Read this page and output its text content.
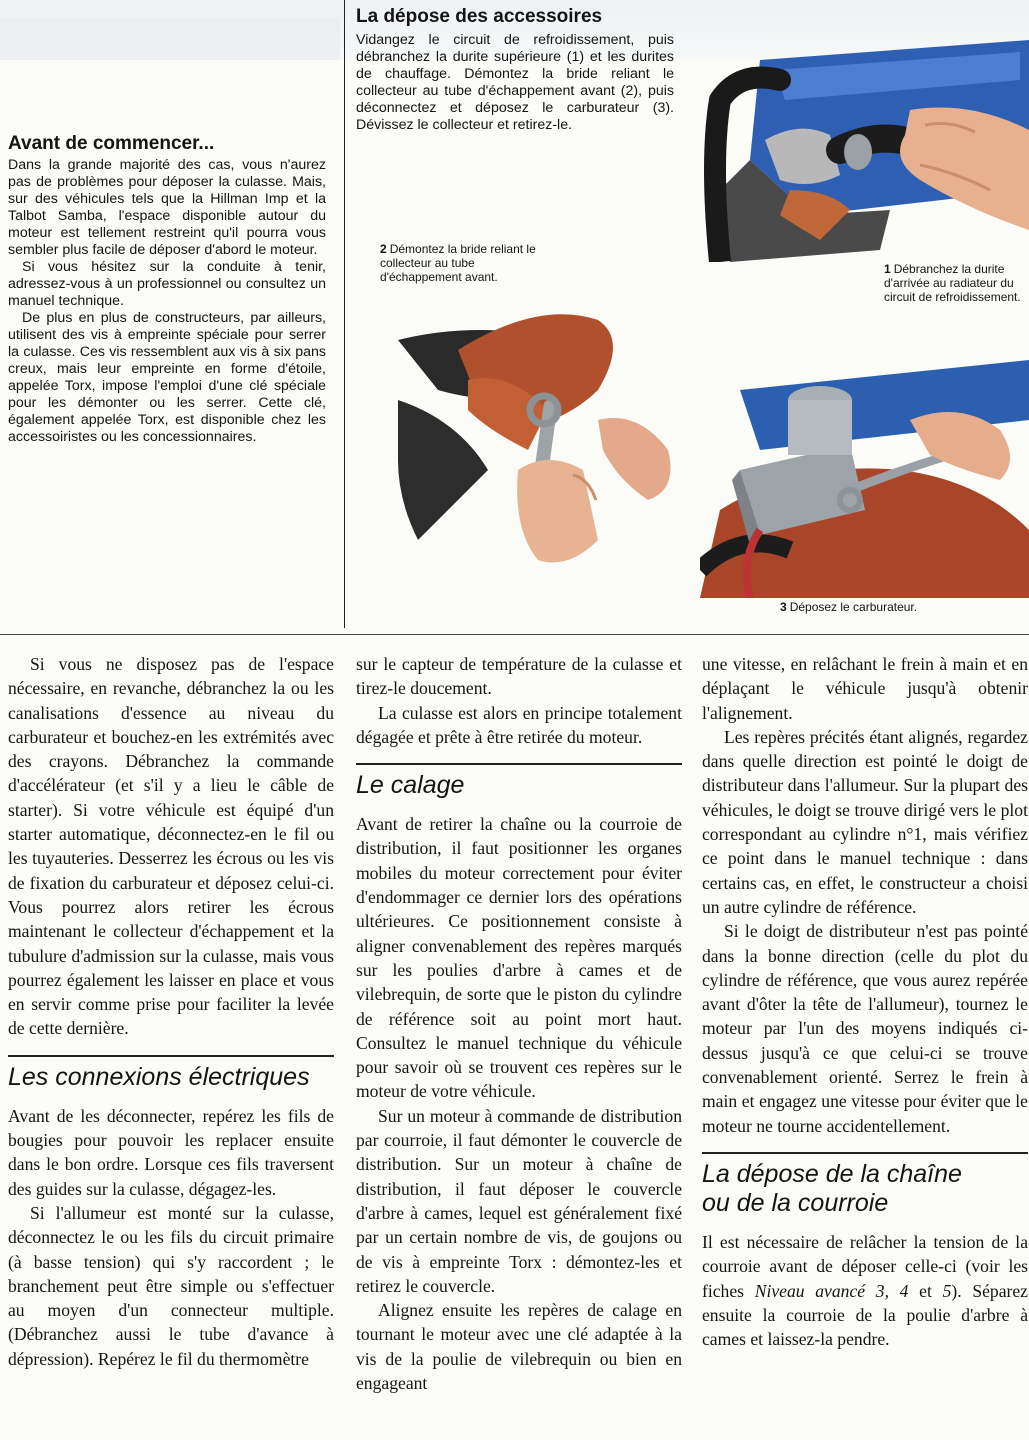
Avant de commencer...

Dans la grande majorité des cas, vous n'aurez pas de problèmes pour déposer la culasse. Mais, sur des véhicules tels que la Hillman Imp et la Talbot Samba, l'espace disponible autour du moteur est tellement restreint qu'il pourra vous sembler plus facile de déposer d'abord le moteur.

Si vous hésitez sur la conduite à tenir, adressez-vous à un professionnel ou consultez un manuel technique.

De plus en plus de constructeurs, par ailleurs, utilisent des vis à empreinte spéciale pour serrer la culasse. Ces vis ressemblent aux vis à six pans creux, mais leur empreinte en forme d'étoile, appelée Torx, impose l'emploi d'une clé spéciale pour les démonter ou les serrer. Cette clé, également appelée Torx, est disponible chez les accessoiristes ou les concessionnaires.

La dépose des accessoires
Vidangez le circuit de refroidissement, puis débranchez la durite supérieure (1) et les durites de chauffage. Démontez la bride reliant le collecteur au tube d'échappement avant (2), puis déconnectez et déposez le carburateur (3). Dévissez le collecteur et retirez-le.
1 Débranchez la durite d'arrivée au radiateur du circuit de refroidissement.
2 Démontez la bride reliant le collecteur au tube d'échappement avant.
3 Déposez le carburateur.

Si vous ne disposez pas de l'espace nécessaire, en revanche, débranchez la ou les canalisations d'essence au niveau du carburateur et bouchez-en les extrémités avec des crayons. Débranchez la commande d'accélérateur (et s'il y a lieu le câble de starter). Si votre véhicule est équipé d'un starter automatique, déconnectez-en le fil ou les tuyauteries. Desserrez les écrous ou les vis de fixation du carburateur et déposez celui-ci. Vous pourrez alors retirer les écrous maintenant le collecteur d'échappement et la tubulure d'admission sur la culasse, mais vous pourrez également les laisser en place et vous en servir comme prise pour faciliter la levée de cette dernière.

Les connexions électriques

Avant de les déconnecter, repérez les fils de bougies pour pouvoir les replacer ensuite dans le bon ordre. Lorsque ces fils traversent des guides sur la culasse, dégagez-les.

Si l'allumeur est monté sur la culasse, déconnectez le ou les fils du circuit primaire (à basse tension) qui s'y raccordent ; le branchement peut être simple ou s'effectuer au moyen d'un connecteur multiple. (Débranchez aussi le tube d'avance à dépression). Repérez le fil du thermomètre

sur le capteur de température de la culasse et tirez-le doucement.

La culasse est alors en principe totalement dégagée et prête à être retirée du moteur.

Le calage

Avant de retirer la chaîne ou la courroie de distribution, il faut positionner les organes mobiles du moteur correctement pour éviter d'endommager ce dernier lors des opérations ultérieures. Ce positionnement consiste à aligner convenablement des repères marqués sur les poulies d'arbre à cames et de vilebrequin, de sorte que le piston du cylindre de référence soit au point mort haut. Consultez le manuel technique du véhicule pour savoir où se trouvent ces repères sur le moteur de votre véhicule.

Sur un moteur à commande de distribution par courroie, il faut démonter le couvercle de distribution. Sur un moteur à chaîne de distribution, il faut déposer le couvercle d'arbre à cames, lequel est généralement fixé par un certain nombre de vis, de goujons ou de vis à empreinte Torx : démontez-les et retirez le couvercle.

Alignez ensuite les repères de calage en tournant le moteur avec une clé adaptée à la vis de la poulie de vilebrequin ou bien en engageant

une vitesse, en relâchant le frein à main et en déplaçant le véhicule jusqu'à obtenir l'alignement.

Les repères précités étant alignés, regardez dans quelle direction est pointé le doigt de distributeur dans l'allumeur. Sur la plupart des véhicules, le doigt se trouve dirigé vers le plot correspondant au cylindre n°1, mais vérifiez ce point dans le manuel technique : dans certains cas, en effet, le constructeur a choisi un autre cylindre de référence.

Si le doigt de distributeur n'est pas pointé dans la bonne direction (celle du plot du cylindre de référence, que vous aurez repérée avant d'ôter la tête de l'allumeur), tournez le moteur par l'un des moyens indiqués ci-dessus jusqu'à ce que celui-ci se trouve convenablement orienté. Serrez le frein à main et engagez une vitesse pour éviter que le moteur ne tourne accidentellement.

La dépose de la chaîne
ou de la courroie

Il est nécessaire de relâcher la tension de la courroie avant de déposer celle-ci (voir les fiches Niveau avancé 3, 4 et 5). Séparez ensuite la courroie de la poulie d'arbre à cames et laissez-la pendre.
